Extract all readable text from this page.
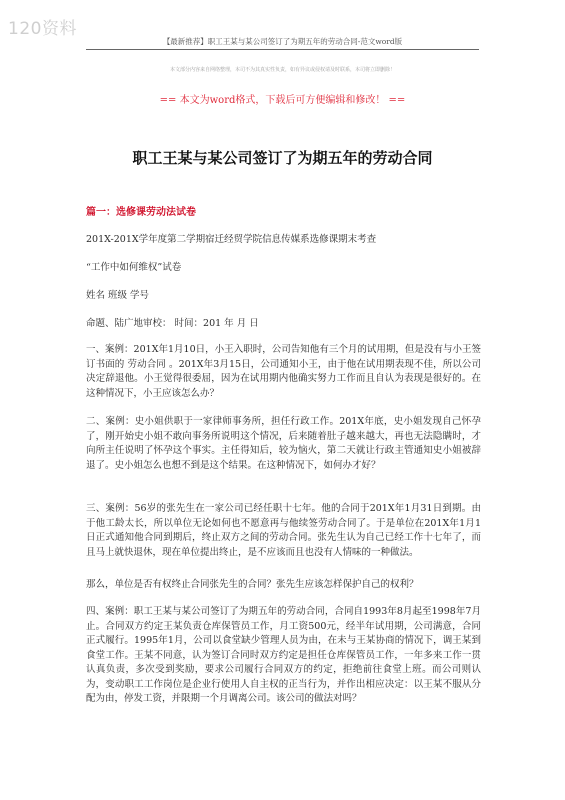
120资料
【最新推荐】职工王某与某公司签订了为期五年的劳动合同-范文word版
本文部分内容来自网络整理，本司不为其真实性负责，如有异议或侵权请及时联系，本司将立即删除！
== 本文为word格式，下载后可方便编辑和修改！ ==
职工王某与某公司签订了为期五年的劳动合同
篇一：选修课劳动法试卷
201X-201X学年度第二学期宿迁经贸学院信息传媒系选修课期末考查
“工作中如何维权”试卷
姓名 班级 学号
命题、陆广地审校： 时间：201 年 月 日
一、案例：201X年1月10日，小王入职时，公司告知他有三个月的试用期，但是没有与小王签订书面的 劳动合同 。201X年3月15日，公司通知小王，由于他在试用期表现不佳，所以公司决定辞退他。小王觉得很委屈，因为在试用期内他确实努力工作而且自认为表现是很好的。在这种情况下，小王应该怎么办？
二、案例：史小姐供职于一家律师事务所，担任行政工作。201X年底，史小姐发现自己怀孕了，刚开始史小姐不敢向事务所说明这个情况，后来随着肚子越来越大，再也无法隐瞒时，才向所主任说明了怀孕这个事实。主任得知后，较为恼火，第二天就让行政主管通知史小姐被辞退了。史小姐怎么也想不到是这个结果。在这种情况下，如何办才好？
三、案例：56岁的张先生在一家公司已经任职十七年。他的合同于201X年1月31日到期。由于他工龄太长，所以单位无论如何也不愿意再与他续签劳动合同了。于是单位在201X年1月1日正式通知他合同到期后，终止双方之间的劳动合同。张先生认为自己已经工作十七年了，而且马上就快退休，现在单位提出终止，是不应该而且也没有人情味的一种做法。
那么，单位是否有权终止合同张先生的合同？张先生应该怎样保护自己的权利？
四、案例：职工王某与某公司签订了为期五年的劳动合同，合同自1993年8月起至1998年7月止。合同双方约定王某负责仓库保管员工作，月工资500元，经半年试用期，公司满意，合同正式履行。1995年1月，公司以食堂缺少管理人员为由，在未与王某协商的情况下，调王某到食堂工作。王某不同意，认为签订合同时双方约定是担任仓库保管员工作，一年多来工作一贯认真负责，多次受到奖励，要求公司履行合同双方的约定，拒绝前往食堂上班。而公司则认为，变动职工工作岗位是企业行使用人自主权的正当行为，并作出相应决定：以王某不服从分配为由，停发工资，并限期一个月调离公司。该公司的做法对吗？
